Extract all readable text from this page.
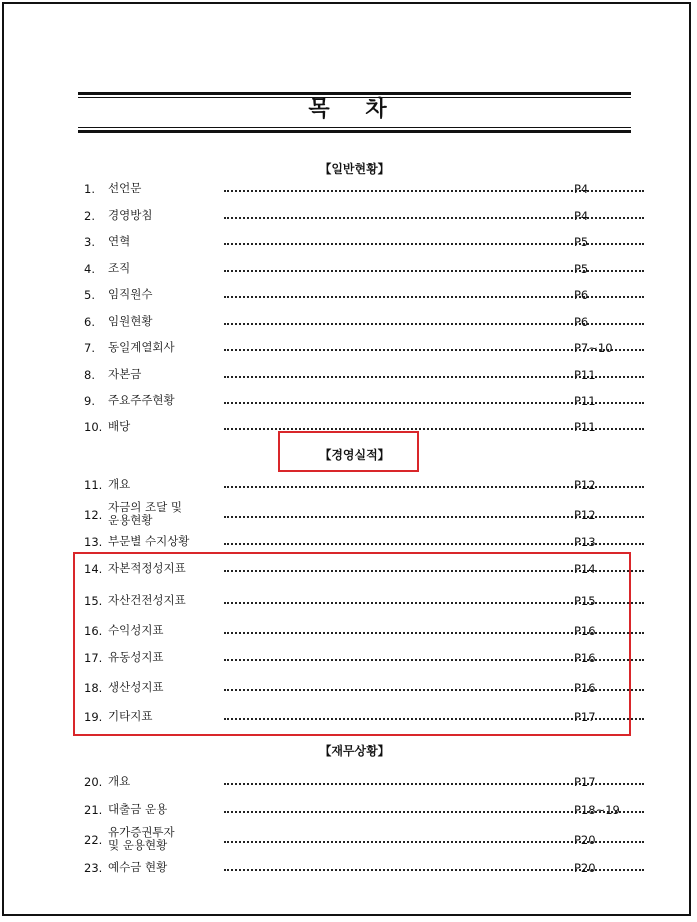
목 차
【일반현황】
1.	선언문	P4
2.	경영방침	P4
3.	연혁	P5
4.	조직	P5
5.	임직원수	P6
6.	임원현황	P6
7.	동일계열회사	P7~10
8.	자본금	P11
9.	주요주주현황	P11
10. 배당	P11
【경영실적】
11. 개요	P12
12.
자금의 조달 및
운용현황	P12
13. 부문별 수지상황	P13
14. 자본적정성지표	P14
15. 자산건전성지표	P15
16. 수익성지표	P16
17. 유동성지표	P16
18. 생산성지표	P16
19. 기타지표	P17
【재무상황】
20. 개요	P17
21. 대출금 운용	P18~19
22.
유가증권투자
및 운용현황	P20
23. 예수금 현황	P20
